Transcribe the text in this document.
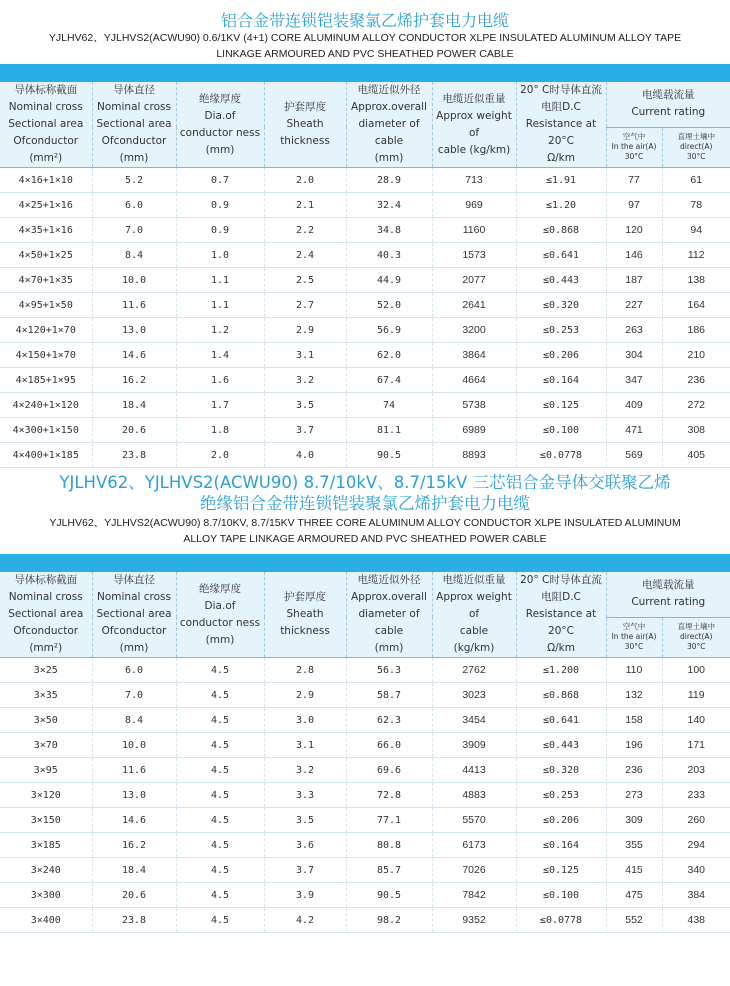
铝合金带连锁铠装聚氯乙烯护套电力电缆
YJLHV62、YJLHVS2(ACWU90) 0.6/1KV (4+1) CORE ALUMINUM ALLOY CONDUCTOR XLPE INSULATED ALUMINUM ALLOY TAPE
LINKAGE ARMOURED AND PVC SHEATHED POWER CABLE
导体标称截面
Nominal cross
Sectional area
Ofconductor
(mm²)	导体直径
Nominal cross
Sectional area
Ofconductor
(mm)	绝缘厚度
Dia.of
conductor ness
(mm)	护套厚度
Sheath
thickness	电缆近似外径
Approx.overall
diameter of cable
(mm)	电缆近似重量
Approx weight of
cable (kg/km)	20° C时导体直流
电阻D.C
Resistance at
20°C
Ω/km	电缆载流量
Current rating	

							空气中
In the air(A)
30°C	直埋土壤中
direct(A)
30°C

4×16+1×10	5.2	0.7	2.0	28.9	713	≤1.91	77	61
4×25+1×16	6.0	0.9	2.1	32.4	969	≤1.20	97	78
4×35+1×16	7.0	0.9	2.2	34.8	1160	≤0.868	120	94
4×50+1×25	8.4	1.0	2.4	40.3	1573	≤0.641	146	112
4×70+1×35	10.0	1.1	2.5	44.9	2077	≤0.443	187	138
4×95+1×50	11.6	1.1	2.7	52.0	2641	≤0.320	227	164
4×120+1×70	13.0	1.2	2.9	56.9	3200	≤0.253	263	186
4×150+1×70	14.6	1.4	3.1	62.0	3864	≤0.206	304	210
4×185+1×95	16.2	1.6	3.2	67.4	4664	≤0.164	347	236
4×240+1×120	18.4	1.7	3.5	74	5738	≤0.125	409	272
4×300+1×150	20.6	1.8	3.7	81.1	6989	≤0.100	471	308
4×400+1×185	23.8	2.0	4.0	90.5	8893	≤0.0778	569	405
YJLHV62、YJLHVS2(ACWU90) 8.7/10kV、8.7/15kV 三芯铝合金导体交联聚乙烯
绝缘铝合金带连锁铠装聚氯乙烯护套电力电缆
YJLHV62、YJLHVS2(ACWU90) 8.7/10KV, 8.7/15KV THREE CORE ALUMINUM ALLOY CONDUCTOR XLPE INSULATED ALUMINUM
ALLOY TAPE LINKAGE ARMOURED AND PVC SHEATHED POWER CABLE
导体标称截面
Nominal cross
Sectional area
Ofconductor
(mm²)	导体直径
Nominal cross
Sectional area
Ofconductor
(mm)	绝缘厚度
Dia.of
conductor ness
(mm)	护套厚度
Sheath
thickness	电缆近似外径
Approx.overall
diameter of cable
(mm)	电缆近似重量
Approx weight of
cable
(kg/km)	20° C时导体直流
电阻D.C
Resistance at
20°C
Ω/km	电缆载流量
Current rating	

							空气中
In the air(A)
30°C	直埋土壤中
direct(A)
30°C

3×25	6.0	4.5	2.8	56.3	2762	≤1.200	110	100
3×35	7.0	4.5	2.9	58.7	3023	≤0.868	132	119
3×50	8.4	4.5	3.0	62.3	3454	≤0.641	158	140
3×70	10.0	4.5	3.1	66.0	3909	≤0.443	196	171
3×95	11.6	4.5	3.2	69.6	4413	≤0.320	236	203
3×120	13.0	4.5	3.3	72.8	4883	≤0.253	273	233
3×150	14.6	4.5	3.5	77.1	5570	≤0.206	309	260
3×185	16.2	4.5	3.6	80.8	6173	≤0.164	355	294
3×240	18.4	4.5	3.7	85.7	7026	≤0.125	415	340
3×300	20.6	4.5	3.9	90.5	7842	≤0.100	475	384
3×400	23.8	4.5	4.2	98.2	9352	≤0.0778	552	438
